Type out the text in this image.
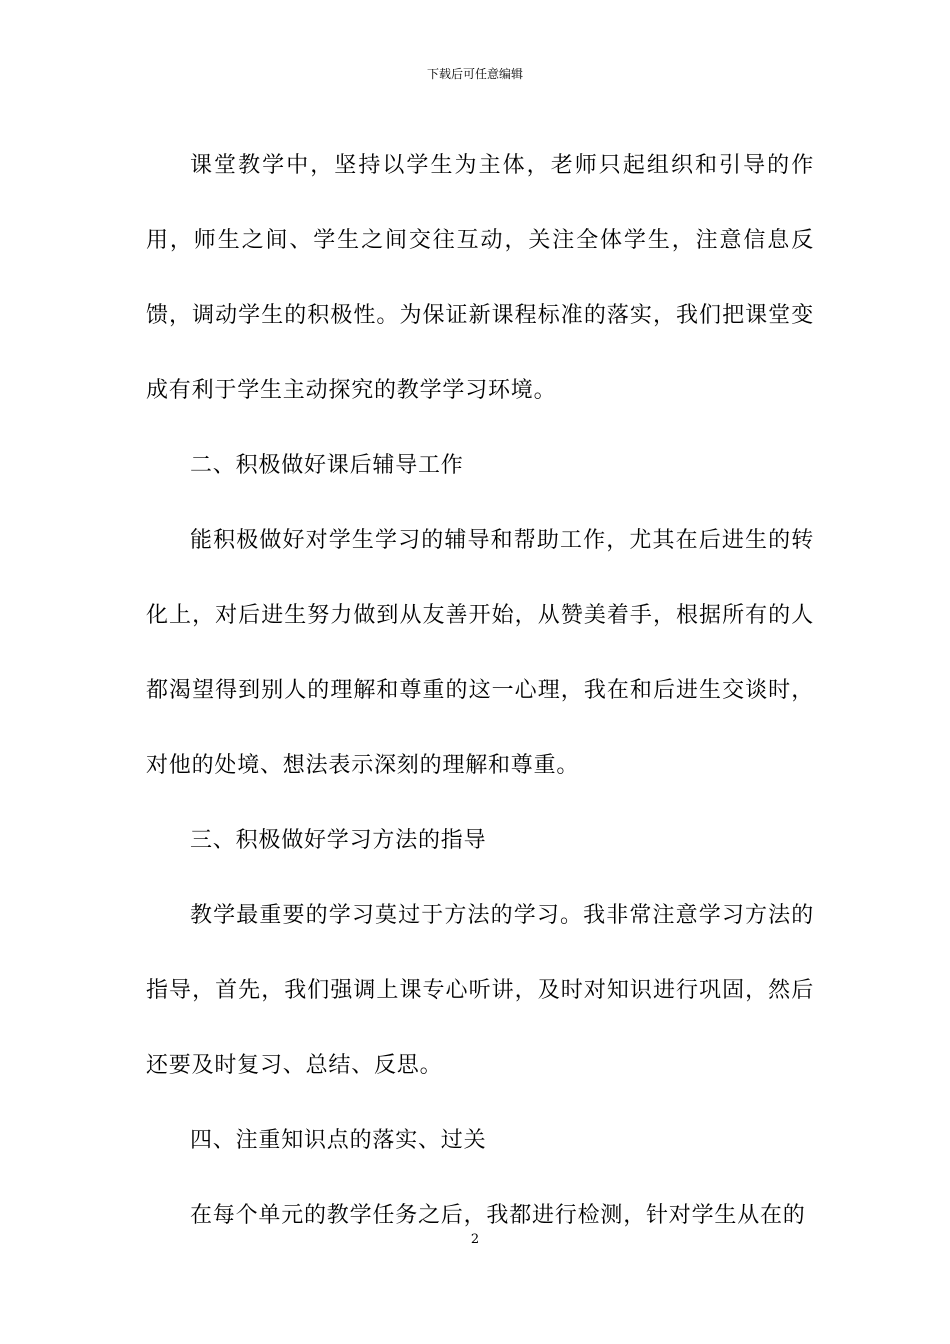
下载后可任意编辑

课堂教学中，坚持以学生为主体，老师只起组织和引导的作用，师生之间、学生之间交往互动，关注全体学生，注意信息反馈，调动学生的积极性。为保证新课程标准的落实，我们把课堂变成有利于学生主动探究的教学学习环境。

二、积极做好课后辅导工作

能积极做好对学生学习的辅导和帮助工作，尤其在后进生的转化上，对后进生努力做到从友善开始，从赞美着手，根据所有的人都渴望得到别人的理解和尊重的这一心理，我在和后进生交谈时，对他的处境、想法表示深刻的理解和尊重。

三、积极做好学习方法的指导

教学最重要的学习莫过于方法的学习。我非常注意学习方法的指导，首先，我们强调上课专心听讲，及时对知识进行巩固，然后还要及时复习、总结、反思。

四、注重知识点的落实、过关

在每个单元的教学任务之后，我都进行检测，针对学生从在的

2
